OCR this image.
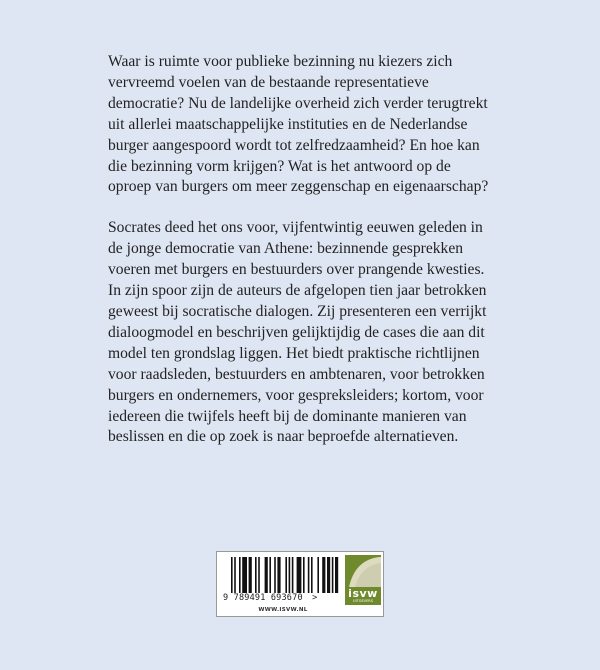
Waar is ruimte voor publieke bezinning nu kiezers zich
vervreemd voelen van de bestaande representatieve
democratie? Nu de landelijke overheid zich verder terugtrekt
uit allerlei maatschappelijke instituties en de Nederlandse
burger aangespoord wordt tot zelfredzaamheid? En hoe kan
die bezinning vorm krijgen? Wat is het antwoord op de
oproep van burgers om meer zeggenschap en eigenaarschap?

Socrates deed het ons voor, vijfentwintig eeuwen geleden in
de jonge democratie van Athene: bezinnende gesprekken
voeren met burgers en bestuurders over prangende kwesties.
In zijn spoor zijn de auteurs de afgelopen tien jaar betrokken
geweest bij socratische dialogen. Zij presenteren een verrijkt
dialoogmodel en beschrijven gelijktijdig de cases die aan dit
model ten grondslag liggen. Het biedt praktische richtlijnen
voor raadsleden, bestuurders en ambtenaren, voor betrokken
burgers en ondernemers, voor gespreksleiders; kortom, voor
iedereen die twijfels heeft bij de dominante manieren van
beslissen en die op zoek is naar beproefde alternatieven.

9 789491 693670 >	isvw
UITGEVERS
WWW.ISVW.NL
